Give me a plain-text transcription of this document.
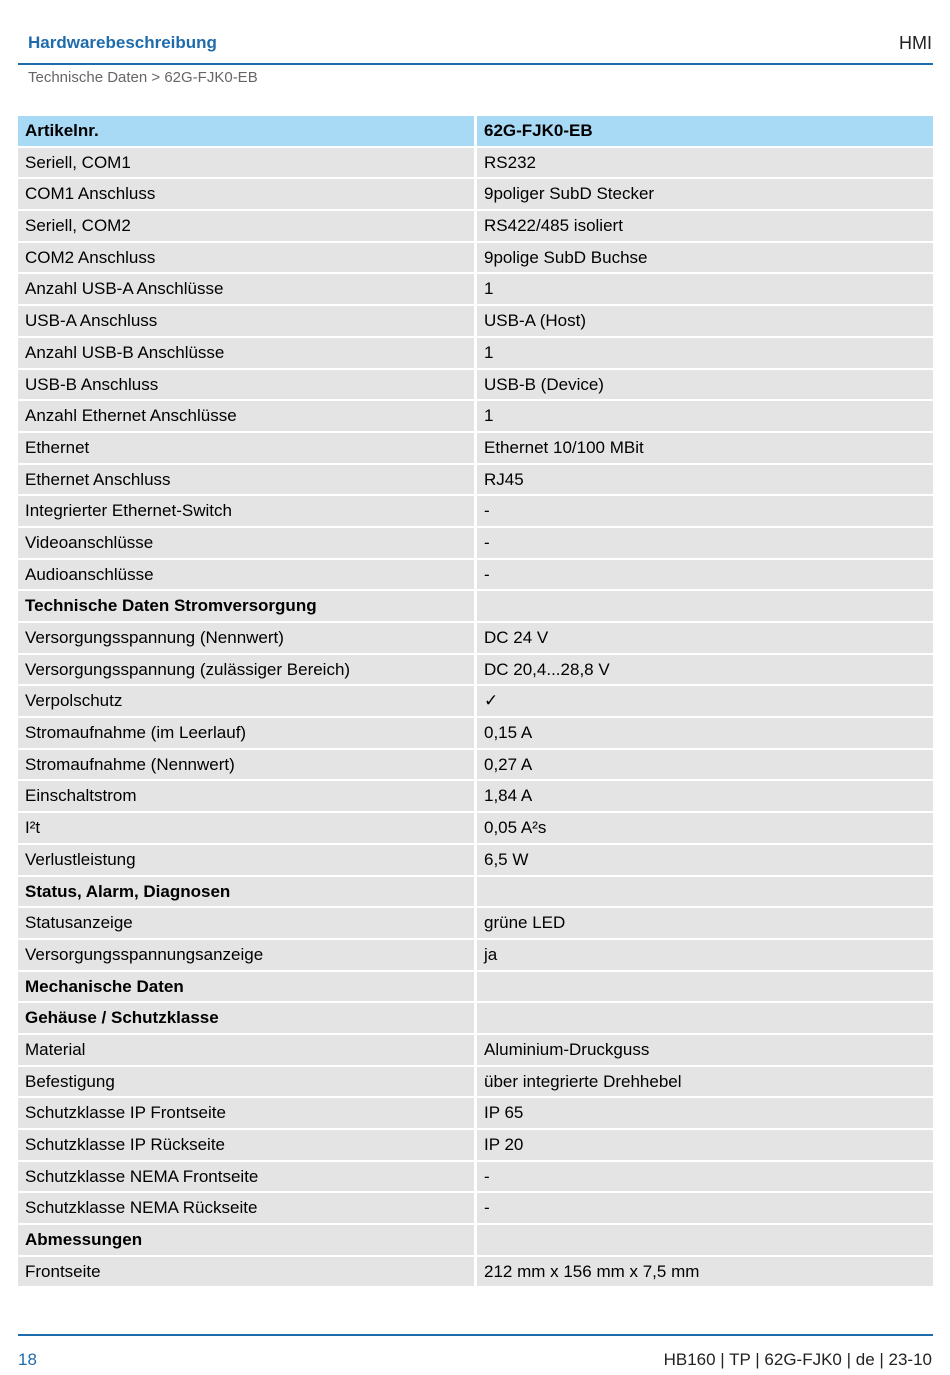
Hardwarebeschreibung	HMI
Technische Daten > 62G-FJK0-EB
Artikelnr.	62G-FJK0-EB
Seriell, COM1	RS232
COM1 Anschluss	9poliger SubD Stecker
Seriell, COM2	RS422/485 isoliert
COM2 Anschluss	9polige SubD Buchse
Anzahl USB-A Anschlüsse	1
USB-A Anschluss	USB-A (Host)
Anzahl USB-B Anschlüsse	1
USB-B Anschluss	USB-B (Device)
Anzahl Ethernet Anschlüsse	1
Ethernet	Ethernet 10/100 MBit
Ethernet Anschluss	RJ45
Integrierter Ethernet-Switch	-
Videoanschlüsse	-
Audioanschlüsse	-
Technische Daten Stromversorgung
Versorgungsspannung (Nennwert)	DC 24 V
Versorgungsspannung (zulässiger Bereich)	DC 20,4...28,8 V
Verpolschutz	✓
Stromaufnahme (im Leerlauf)	0,15 A
Stromaufnahme (Nennwert)	0,27 A
Einschaltstrom	1,84 A
I²t	0,05 A²s
Verlustleistung	6,5 W
Status, Alarm, Diagnosen
Statusanzeige	grüne LED
Versorgungsspannungsanzeige	ja
Mechanische Daten
Gehäuse / Schutzklasse
Material	Aluminium-Druckguss
Befestigung	über integrierte Drehhebel
Schutzklasse IP Frontseite	IP 65
Schutzklasse IP Rückseite	IP 20
Schutzklasse NEMA Frontseite	-
Schutzklasse NEMA Rückseite	-
Abmessungen
Frontseite	212 mm x 156 mm x 7,5 mm
18	HB160 | TP | 62G-FJK0 | de | 23-10
